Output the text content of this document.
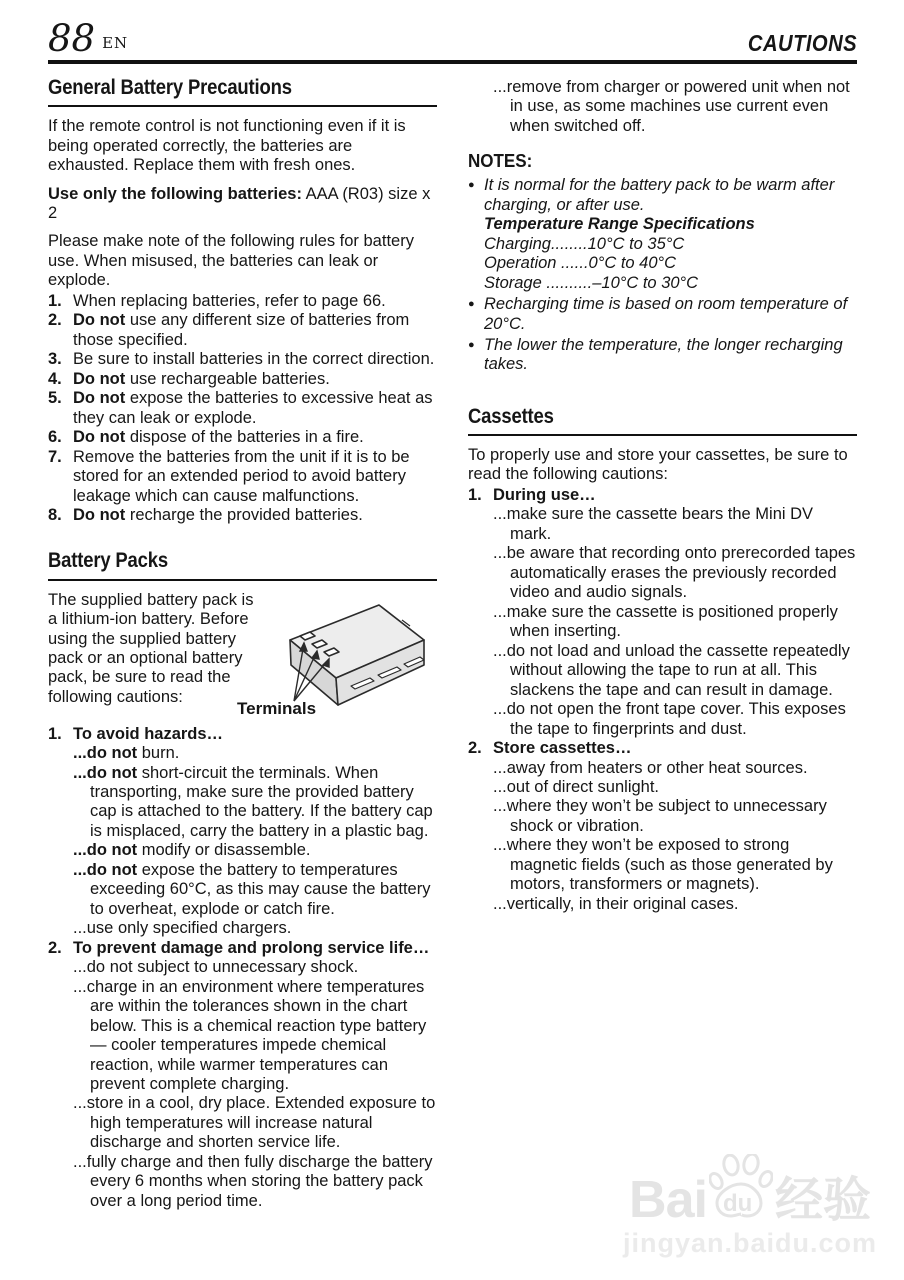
88 EN	CAUTIONS
General Battery Precautions

If the remote control is not functioning even if it is being operated correctly, the batteries are exhausted. Replace them with fresh ones.

Use only the following batteries: AAA (R03) size x 2

Please make note of the following rules for battery use. When misused, the batteries can leak or explode.

1. When replacing batteries, refer to page 66.
2. Do not use any different size of batteries from those specified.
3. Be sure to install batteries in the correct direction.
4. Do not use rechargeable batteries.
5. Do not expose the batteries to excessive heat as they can leak or explode.
6. Do not dispose of the batteries in a fire.
7. Remove the batteries from the unit if it is to be stored for an extended period to avoid battery leakage which can cause malfunctions.
8. Do not recharge the provided batteries.
Battery Packs
The supplied battery pack is a lithium-ion battery. Before using the supplied battery pack or an optional battery pack, be sure to read the following cautions:
Terminals
1. To avoid hazards…
...do not burn.
...do not short-circuit the terminals. When transporting, make sure the provided battery cap is attached to the battery. If the battery cap is misplaced, carry the battery in a plastic bag.
...do not modify or disassemble.
...do not expose the battery to temperatures exceeding 60°C, as this may cause the battery to overheat, explode or catch fire.
...use only specified chargers.
2. To prevent damage and prolong service life…
...do not subject to unnecessary shock.
...charge in an environment where temperatures are within the tolerances shown in the chart below. This is a chemical reaction type battery — cooler temperatures impede chemical reaction, while warmer temperatures can prevent complete charging.
...store in a cool, dry place. Extended exposure to high temperatures will increase natural discharge and shorten service life.
...fully charge and then fully discharge the battery every 6 months when storing the battery pack over a long period time.
...remove from charger or powered unit when not in use, as some machines use current even when switched off.
NOTES:
● It is normal for the battery pack to be warm after charging, or after use.
Temperature Range Specifications
Charging........10°C to 35°C
Operation ......0°C to 40°C
Storage ..........–10°C to 30°C
● Recharging time is based on room temperature of 20°C.
● The lower the temperature, the longer recharging takes.
Cassettes

To properly use and store your cassettes, be sure to read the following cautions:

1. During use…
...make sure the cassette bears the Mini DV mark.
...be aware that recording onto prerecorded tapes automatically erases the previously recorded video and audio signals.
...make sure the cassette is positioned properly when inserting.
...do not load and unload the cassette repeatedly without allowing the tape to run at all. This slackens the tape and can result in damage.
...do not open the front tape cover. This exposes the tape to fingerprints and dust.
2. Store cassettes…
...away from heaters or other heat sources.
...out of direct sunlight.
...where they won’t be subject to unnecessary shock or vibration.
...where they won’t be exposed to strong magnetic fields (such as those generated by motors, transformers or magnets).
...vertically, in their original cases.
Bai du 经验
jingyan.baidu.com
